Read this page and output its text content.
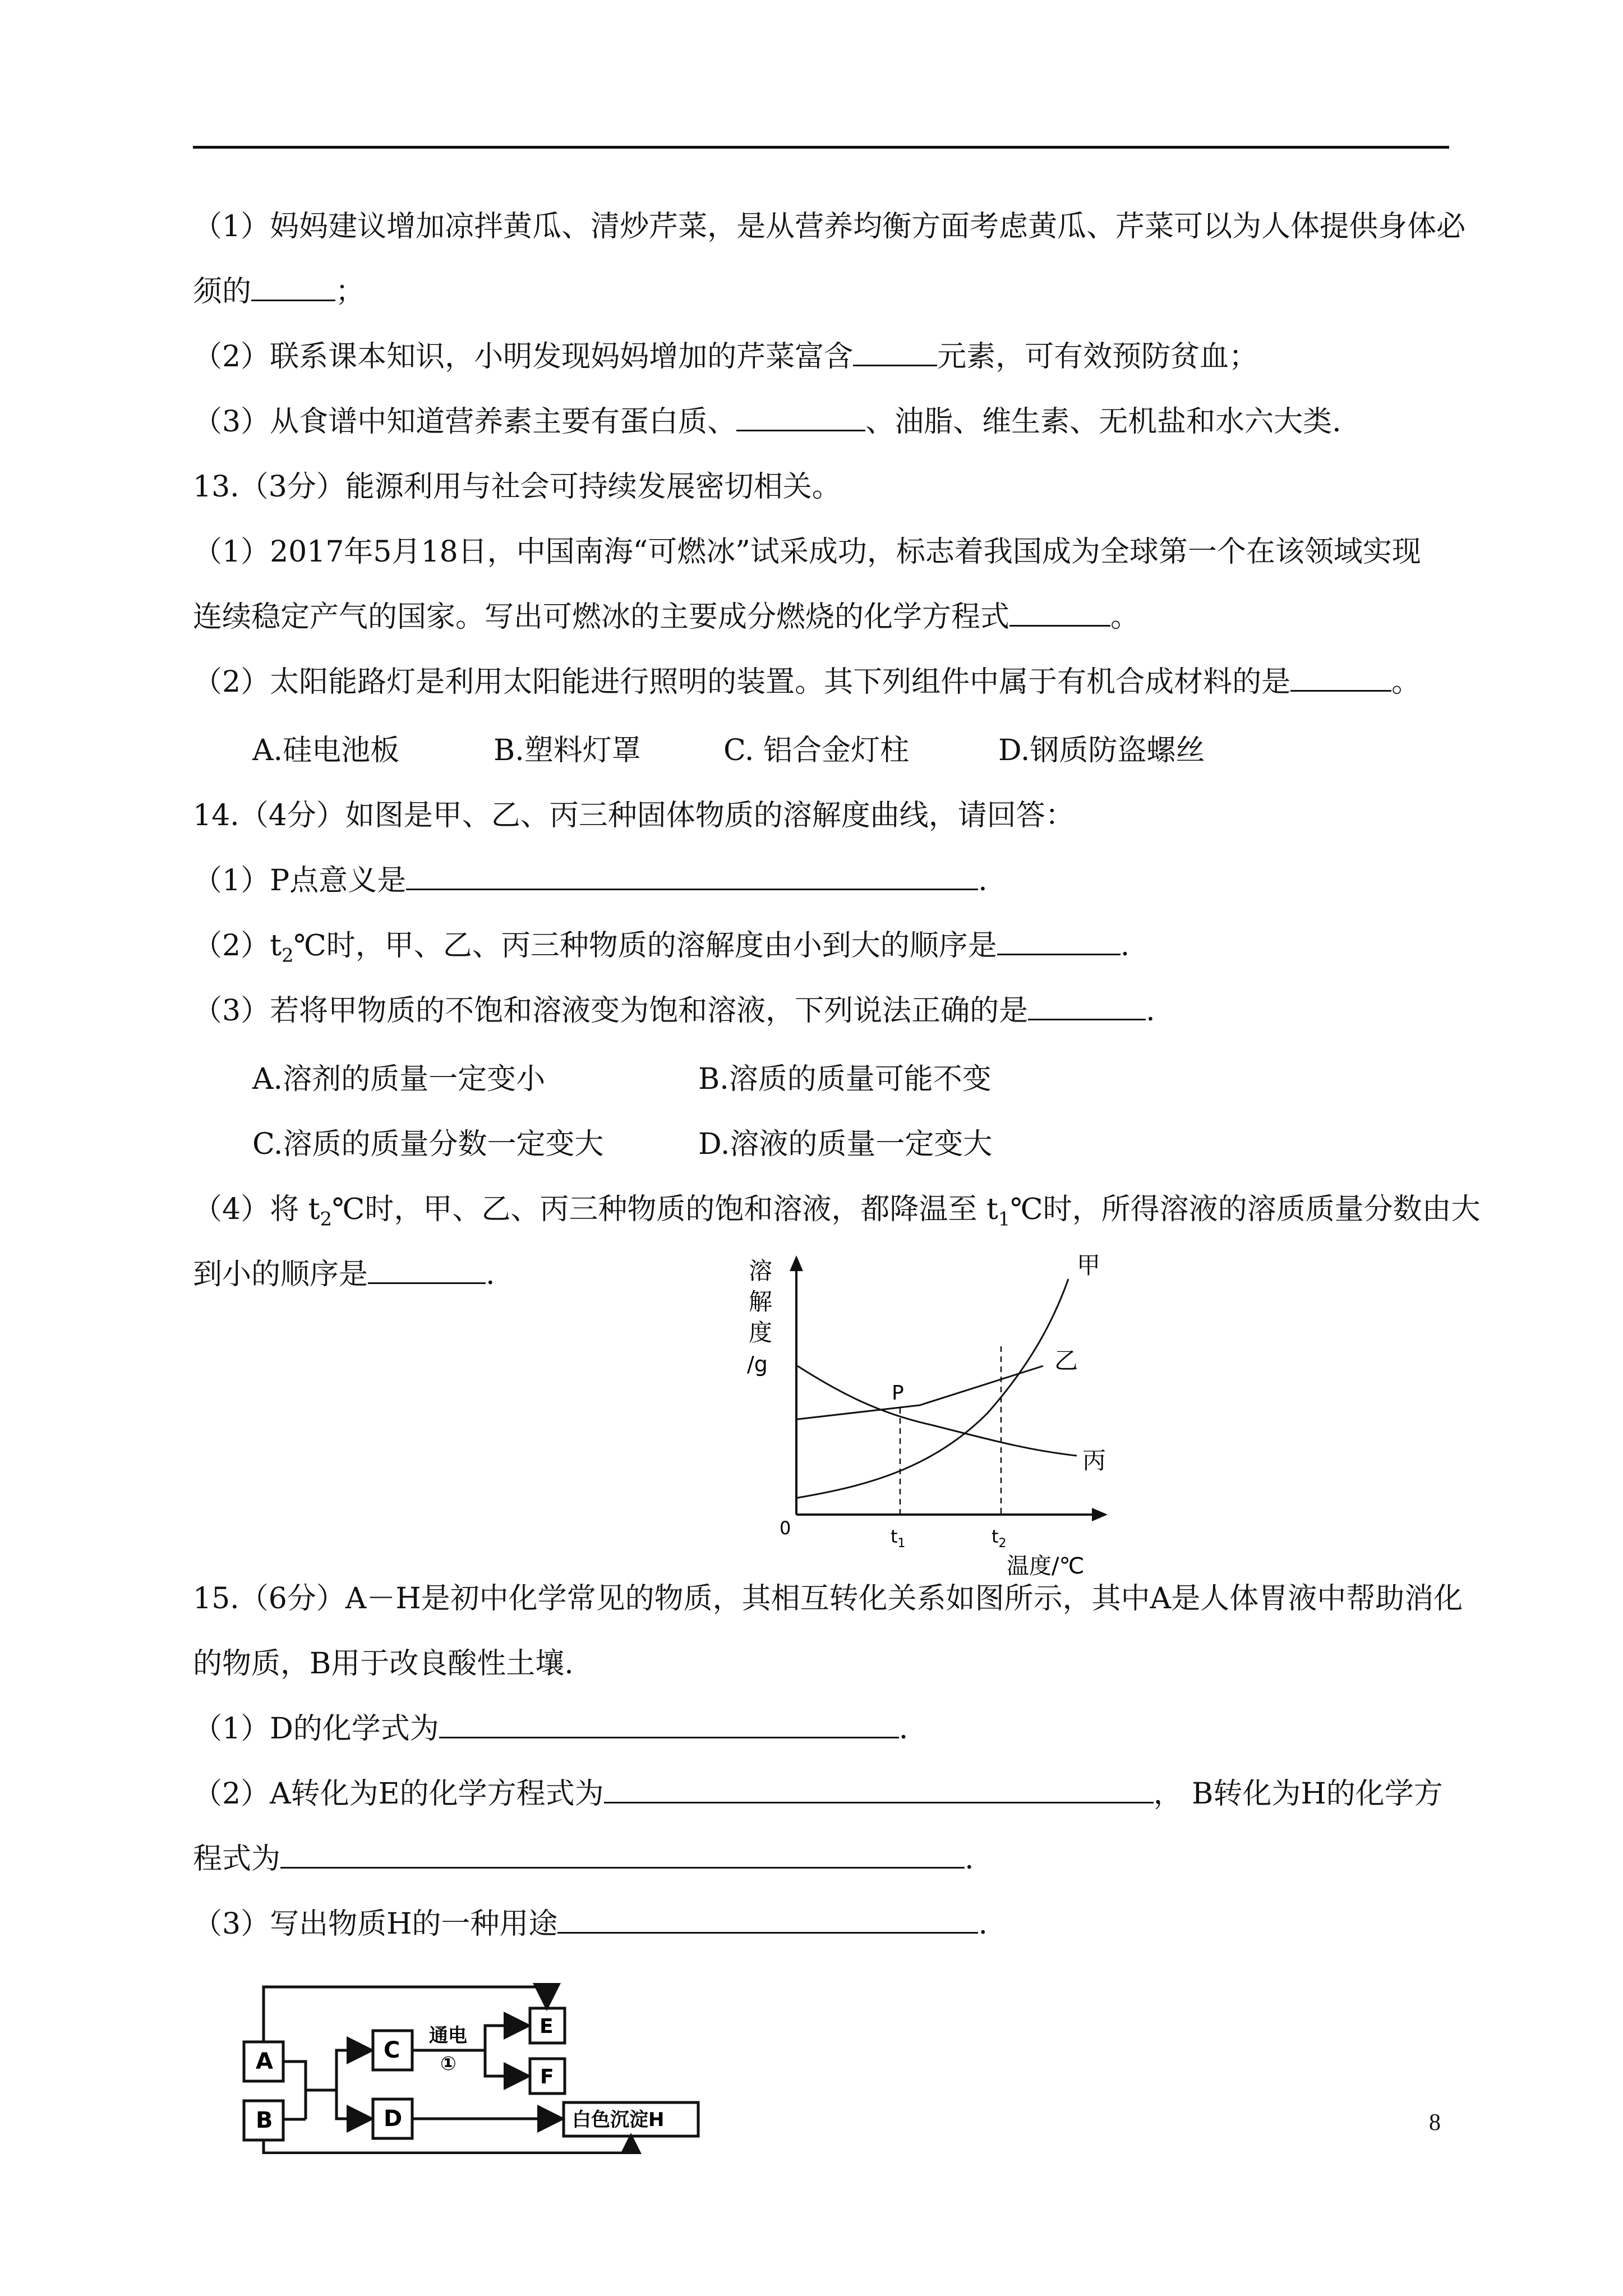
（1）妈妈建议增加凉拌黄瓜、清炒芹菜，是从营养均衡方面考虑黄瓜、芹菜可以为人体提供身体必
须的	；
（2）联系课本知识，小明发现妈妈增加的芹菜富含	元素，可有效预防贫血；
（3）从食谱中知道营养素主要有蛋白质、	、油脂、维生素、无机盐和水六大类.
13.（3分）能源利用与社会可持续发展密切相关。
（1）2017年5月18日，中国南海“可燃冰”试采成功，标志着我国成为全球第一个在该领域实现
连续稳定产气的国家。写出可燃冰的主要成分燃烧的化学方程式	。
（2）太阳能路灯是利用太阳能进行照明的装置。其下列组件中属于有机合成材料的是	。
A.硅电池板	B.塑料灯罩	C. 铝合金灯柱	D.钢质防盗螺丝
14.（4分）如图是甲、乙、丙三种固体物质的溶解度曲线，请回答：
（1）P点意义是	.
$(2)t_2℃$时，甲、乙、丙三种物质的溶解度由小到大的顺序是	.
（3）若将甲物质的不饱和溶液变为饱和溶液，下列说法正确的是	.
A.溶剂的质量一定变小	B.溶质的质量可能不变
C.溶质的质量分数一定变大	D.溶液的质量一定变大
（4）将 $t_2℃$时，甲、乙、丙三种物质的饱和溶液，都降温至 $t_1℃$时，所得溶液的溶质质量分数由大
到小的顺序是	.	溶
解
度
/g
甲
乙
丙
P
0	$t_1$	$t_2$
温度/℃
15.（6分）A－H是初中化学常见的物质，其相互转化关系如图所示，其中A是人体胃液中帮助消化
的物质，B用于改良酸性土壤.
（1）D的化学式为	.
（2）A转化为E的化学方程式为	， B转化为H的化学方
程式为	.
（3）写出物质H的一种用途	.
A
B
C
D
E
F
白色沉淀H
通电
①
8
